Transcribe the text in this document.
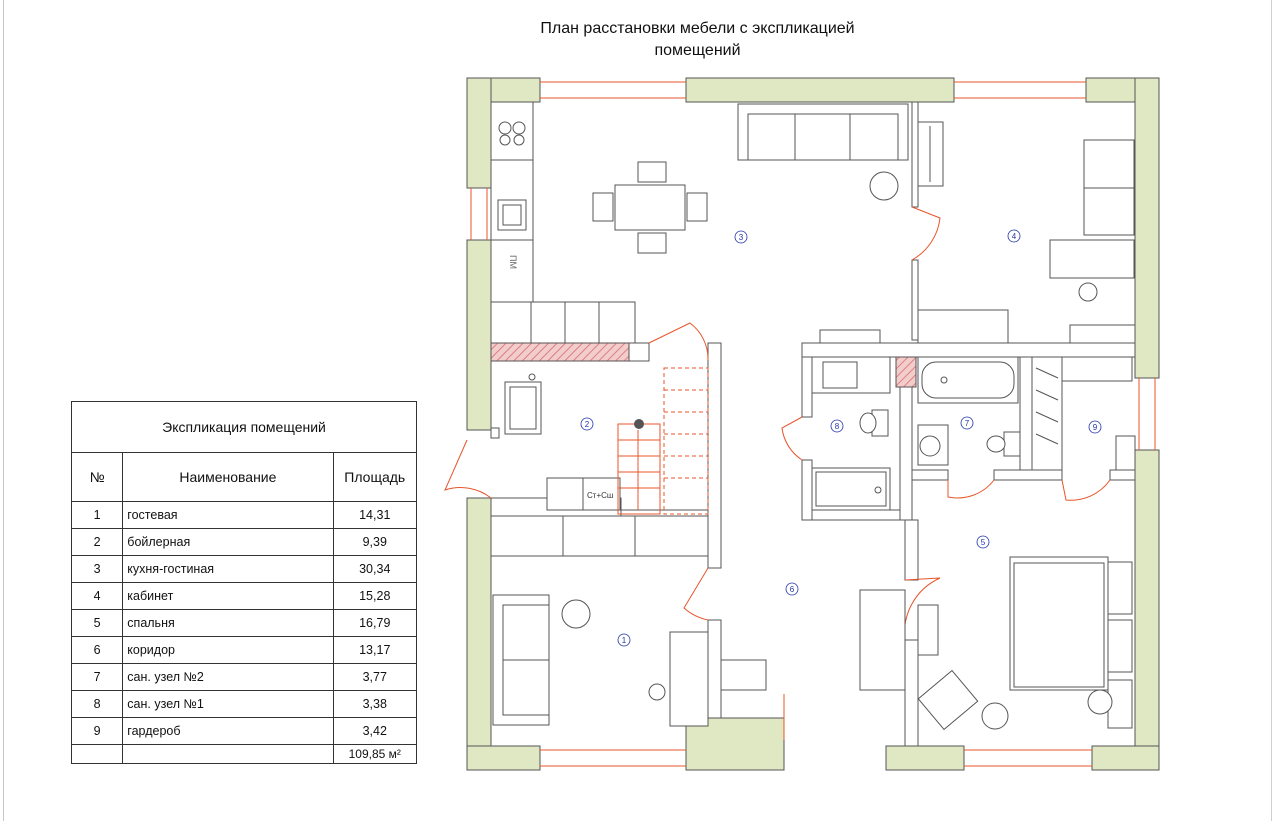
План расстановки мебели с экспликацией
помещений
Экспликация помещений		
№	Наименование	Площадь
1	гостевая	14,31
2	бойлерная	9,39
3	кухня-гостиная	30,34
4	кабинет	15,28
5	спальня	16,79
6	коридор	13,17
7	сан. узел №2	3,77
8	сан. узел №1	3,38
9	гардероб	3,42
		109,85 м²
ПМ
Ст+Сш
1
2
3	4
5
6
7
8	9
